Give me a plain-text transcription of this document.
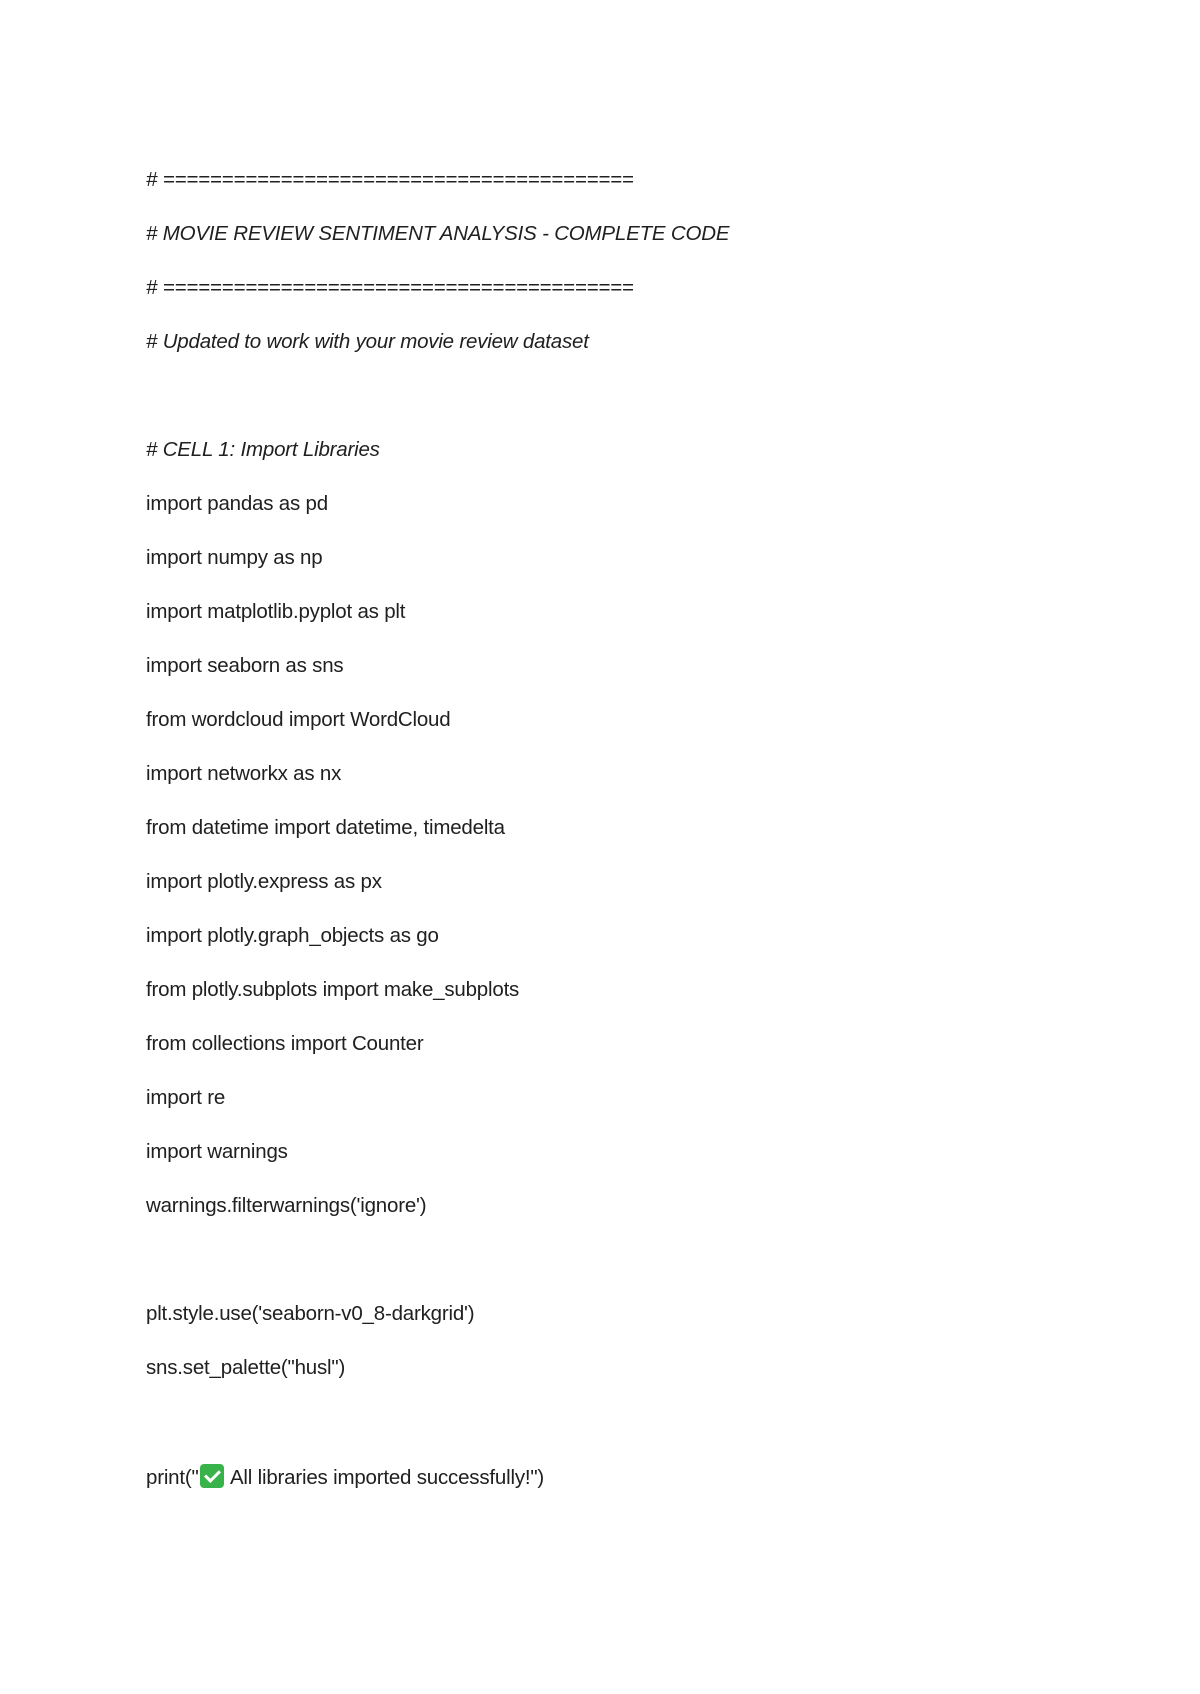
# ========================================
# MOVIE REVIEW SENTIMENT ANALYSIS - COMPLETE CODE
# ========================================
# Updated to work with your movie review dataset
# CELL 1: Import Libraries
import pandas as pd
import numpy as np
import matplotlib.pyplot as plt
import seaborn as sns
from wordcloud import WordCloud
import networkx as nx
from datetime import datetime, timedelta
import plotly.express as px
import plotly.graph_objects as go
from plotly.subplots import make_subplots
from collections import Counter
import re
import warnings
warnings.filterwarnings('ignore')
plt.style.use('seaborn-v0_8-darkgrid')
sns.set_palette("husl")
print(" All libraries imported successfully!")
